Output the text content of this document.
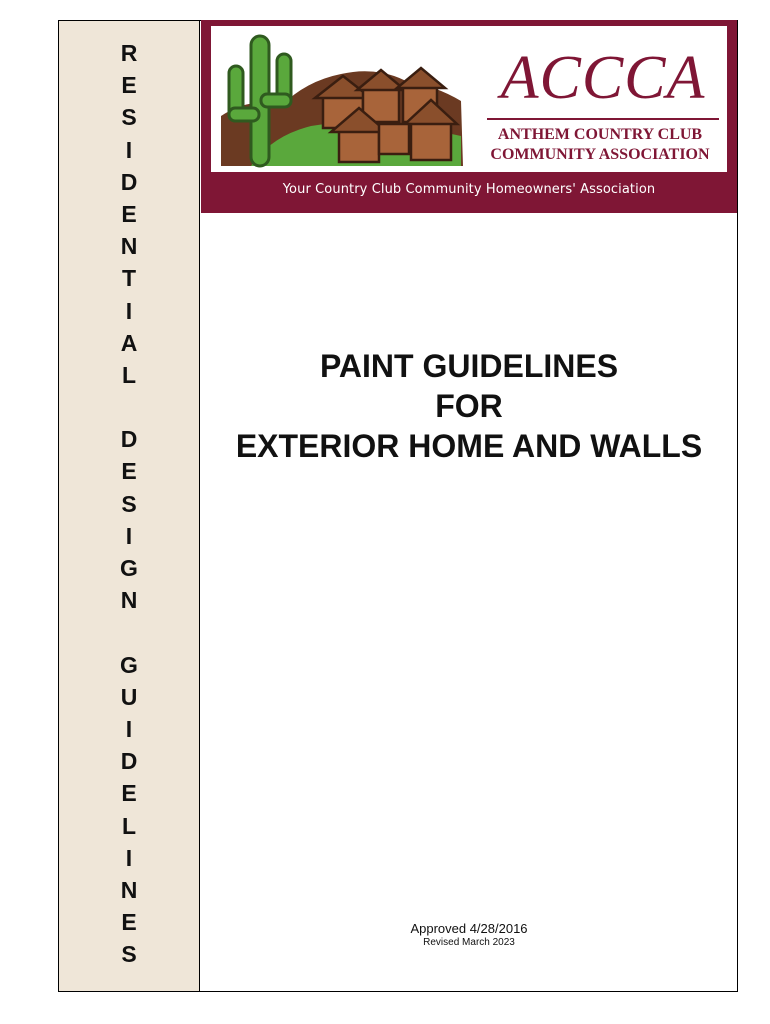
R
E
S
I
D
E
N
T
I
A
L
D
E
S
I
G
N
G
U
I
D
E
L
I
N
E
S
ACCCA
ANTHEM COUNTRY CLUB
COMMUNITY ASSOCIATION
Your Country Club Community Homeowners' Association
PAINT GUIDELINES
FOR
EXTERIOR HOME AND WALLS
Approved 4/28/2016
Revised March 2023
